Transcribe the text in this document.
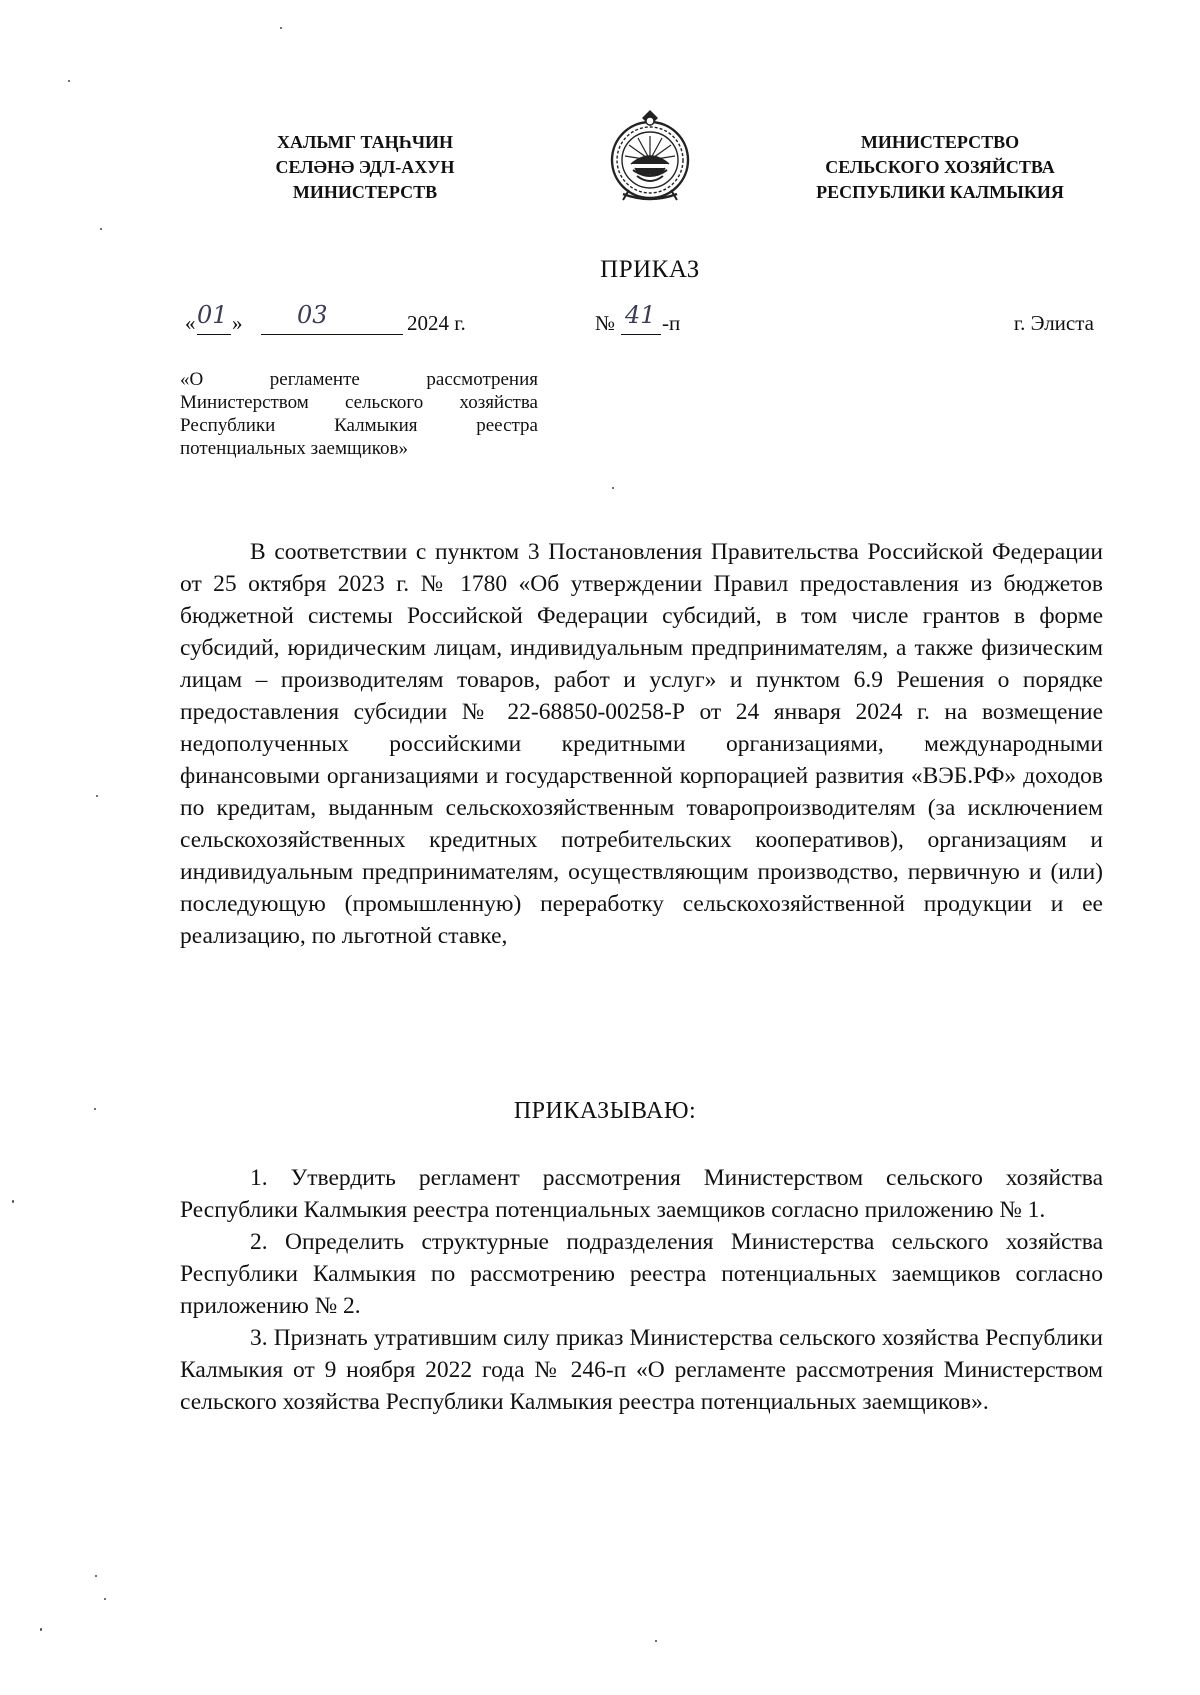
ХАЛЬМГ ТАҢҺЧИН
СЕЛӘНӘ ЭДЛ-АХУН
МИНИСТЕРСТВ
МИНИСТЕРСТВО
СЕЛЬСКОГО ХОЗЯЙСТВА
РЕСПУБЛИКИ КАЛМЫКИЯ
ПРИКАЗ
« 01 » 03	2024 г.	№ 41 -п	г. Элиста
«О регламенте рассмотрения Министерством сельского хозяйства Республики Калмыкия реестра потенциальных заемщиков»

В соответствии с пунктом 3 Постановления Правительства Российской Федерации от 25 октября 2023 г. № 1780 «Об утверждении Правил предоставления из бюджетов бюджетной системы Российской Федерации субсидий, в том числе грантов в форме субсидий, юридическим лицам, индивидуальным предпринимателям, а также физическим лицам – производителям товаров, работ и услуг» и пунктом 6.9 Решения о порядке предоставления субсидии № 22-68850-00258-Р от 24 января 2024 г. на возмещение недополученных российскими кредитными организациями, международными финансовыми организациями и государственной корпорацией развития «ВЭБ.РФ» доходов по кредитам, выданным сельскохозяйственным товаропроизводителям (за исключением сельскохозяйственных кредитных потребительских кооперативов), организациям и индивидуальным предпринимателям, осуществляющим производство, первичную и (или) последующую (промышленную) переработку сельскохозяйственной продукции и ее реализацию, по льготной ставке,

ПРИКАЗЫВАЮ:

1. Утвердить регламент рассмотрения Министерством сельского хозяйства Республики Калмыкия реестра потенциальных заемщиков согласно приложению № 1.

2. Определить структурные подразделения Министерства сельского хозяйства Республики Калмыкия по рассмотрению реестра потенциальных заемщиков согласно приложению № 2.

3. Признать утратившим силу приказ Министерства сельского хозяйства Республики Калмыкия от 9 ноября 2022 года № 246-п «О регламенте рассмотрения Министерством сельского хозяйства Республики Калмыкия реестра потенциальных заемщиков».
